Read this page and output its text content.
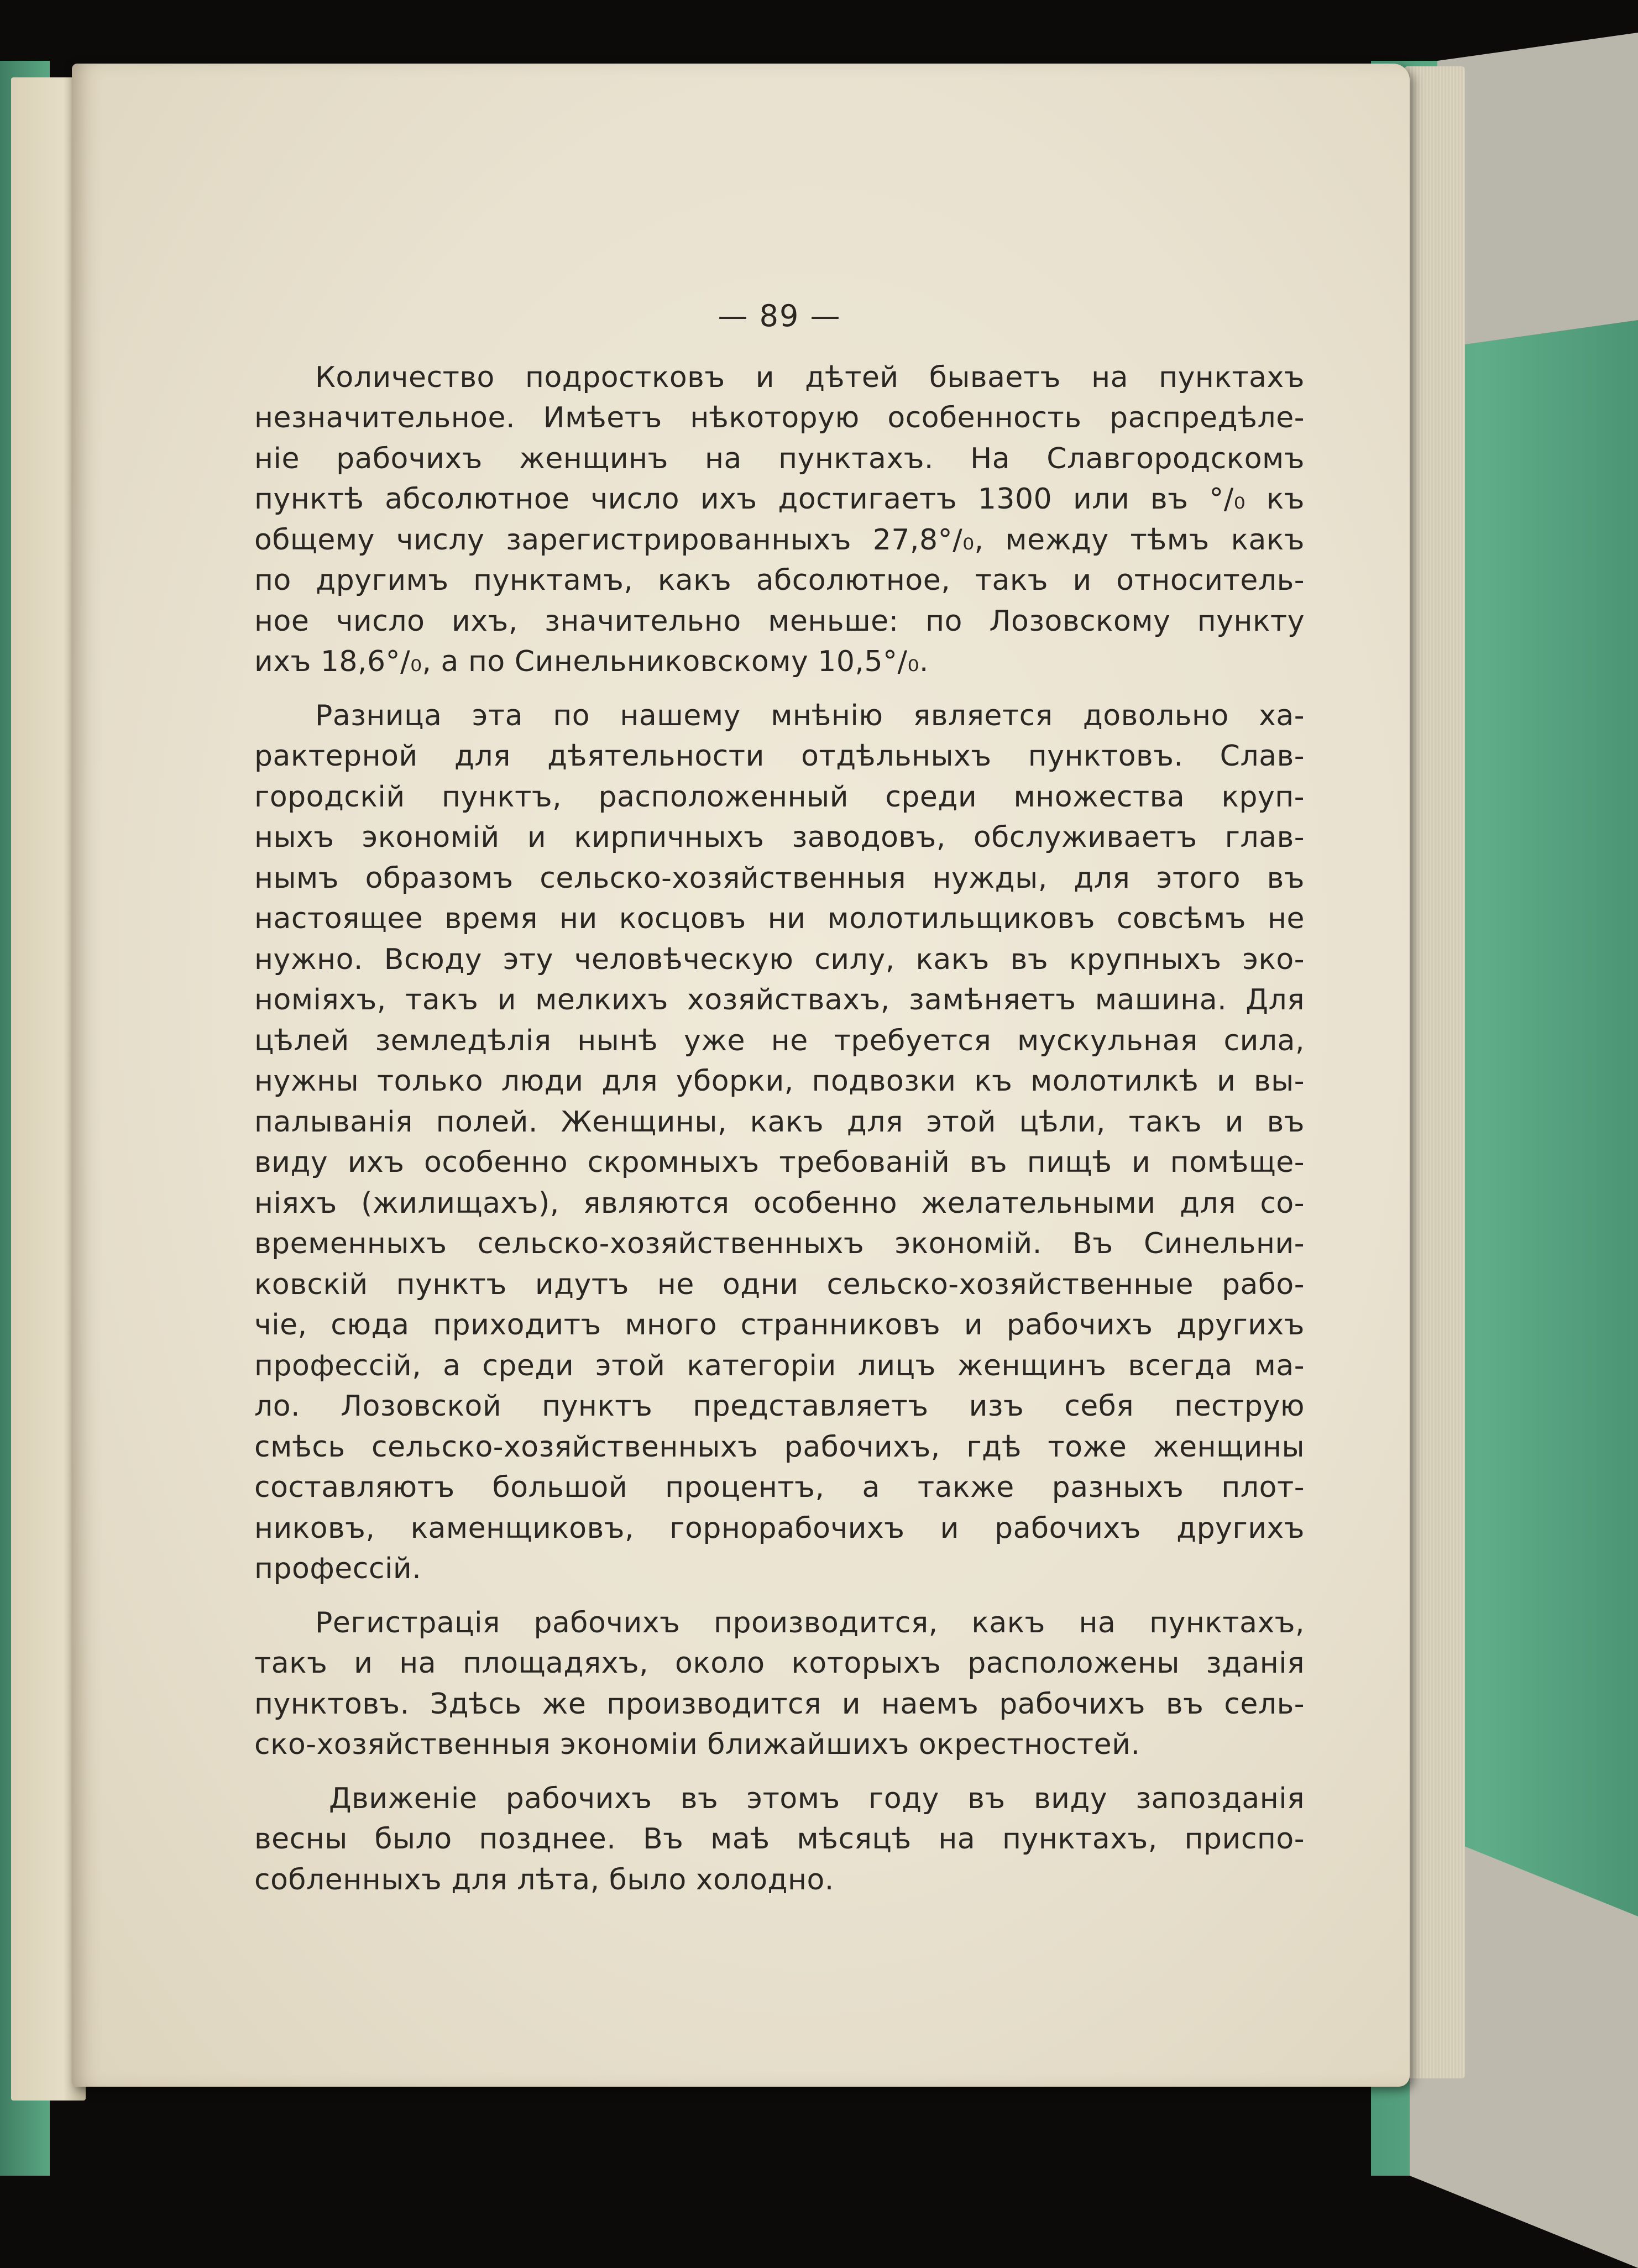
— 89 —
Количество подростковъ и дѣтей бываетъ на пунктахъ
незначительное. Имѣетъ нѣкоторую особенность распредѣле-
ніе рабочихъ женщинъ на пунктахъ. На Славгородскомъ
пунктѣ абсолютное число ихъ достигаетъ 1300 или въ °/₀ къ
общему числу зарегистрированныхъ 27,8°/₀, между тѣмъ какъ
по другимъ пунктамъ, какъ абсолютное, такъ и относитель-
ное число ихъ, значительно меньше: по Лозовскому пункту
ихъ 18,6°/₀, а по Синельниковскому 10,5°/₀.
Разница эта по нашему мнѣнію является довольно ха-
рактерной для дѣятельности отдѣльныхъ пунктовъ. Слав-
городскій пунктъ, расположенный среди множества круп-
ныхъ экономій и кирпичныхъ заводовъ, обслуживаетъ глав-
нымъ образомъ сельско-хозяйственныя нужды, для этого въ
настоящее время ни косцовъ ни молотильщиковъ совсѣмъ не
нужно. Всюду эту человѣческую силу, какъ въ крупныхъ эко-
номіяхъ, такъ и мелкихъ хозяйствахъ, замѣняетъ машина. Для
цѣлей земледѣлія нынѣ уже не требуется мускульная сила,
нужны только люди для уборки, подвозки къ молотилкѣ и вы-
палыванія полей. Женщины, какъ для этой цѣли, такъ и въ
виду ихъ особенно скромныхъ требованій въ пищѣ и помѣще-
ніяхъ (жилищахъ), являются особенно желательными для со-
временныхъ сельско-хозяйственныхъ экономій. Въ Синельни-
ковскій пунктъ идутъ не одни сельско-хозяйственные рабо-
чіе, сюда приходитъ много странниковъ и рабочихъ другихъ
профессій, а среди этой категоріи лицъ женщинъ всегда ма-
ло. Лозовской пунктъ представляетъ изъ себя пеструю
смѣсь сельско-хозяйственныхъ рабочихъ, гдѣ тоже женщины
составляютъ большой процентъ, а также разныхъ плот-
никовъ, каменщиковъ, горнорабочихъ и рабочихъ другихъ
профессій.
Регистрація рабочихъ производится, какъ на пунктахъ,
такъ и на площадяхъ, около которыхъ расположены зданія
пунктовъ. Здѣсь же производится и наемъ рабочихъ въ сель-
ско-хозяйственныя экономіи ближайшихъ окрестностей.
Движеніе рабочихъ въ этомъ году въ виду запозданія
весны было позднее. Въ маѣ мѣсяцѣ на пунктахъ, приспо-
собленныхъ для лѣта, было холодно.
